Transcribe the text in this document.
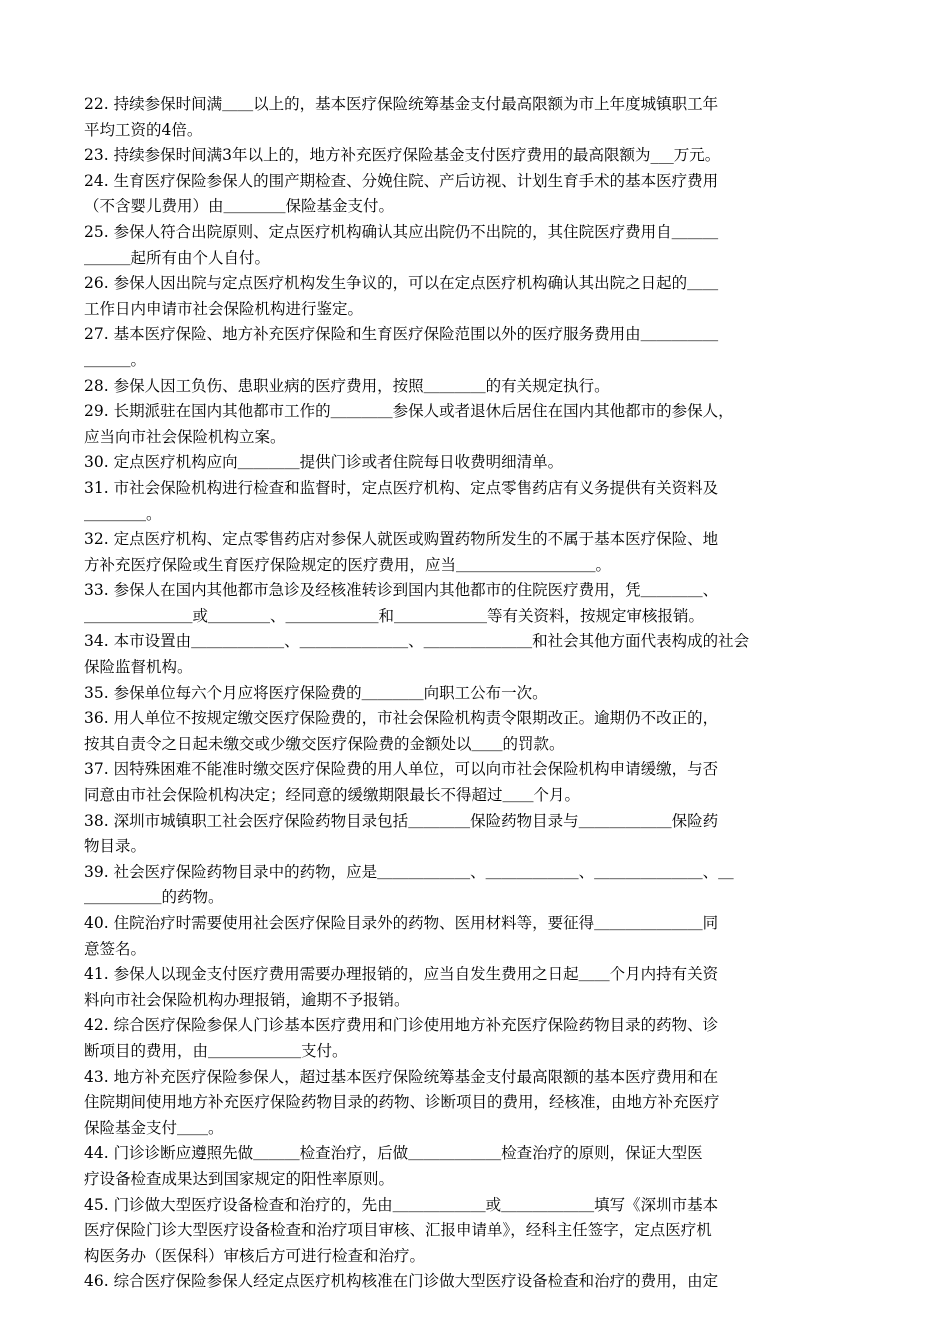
22. 持续参保时间满＿＿以上的，基本医疗保险统筹基金支付最高限额为市上年度城镇职工年
平均工资的4倍。
23. 持续参保时间满3年以上的，地方补充医疗保险基金支付医疗费用的最高限额为___万元。
24. 生育医疗保险参保人的围产期检查、分娩住院、产后访视、计划生育手术的基本医疗费用
（不含婴儿费用）由＿＿＿＿保险基金支付。
25. 参保人符合出院原则、定点医疗机构确认其应出院仍不出院的，其住院医疗费用自＿＿＿
＿＿＿起所有由个人自付。
26. 参保人因出院与定点医疗机构发生争议的，可以在定点医疗机构确认其出院之日起的＿＿
工作日内申请市社会保险机构进行鉴定。
27. 基本医疗保险、地方补充医疗保险和生育医疗保险范围以外的医疗服务费用由＿＿＿＿＿
＿＿＿。
28. 参保人因工负伤、患职业病的医疗费用，按照＿＿＿＿的有关规定执行。
29. 长期派驻在国内其他都市工作的＿＿＿＿参保人或者退休后居住在国内其他都市的参保人，
应当向市社会保险机构立案。
30. 定点医疗机构应向＿＿＿＿提供门诊或者住院每日收费明细清单。
31. 市社会保险机构进行检查和监督时，定点医疗机构、定点零售药店有义务提供有关资料及
＿＿＿＿。
32. 定点医疗机构、定点零售药店对参保人就医或购置药物所发生的不属于基本医疗保险、地
方补充医疗保险或生育医疗保险规定的医疗费用，应当＿＿＿＿＿＿＿＿＿。
33. 参保人在国内其他都市急诊及经核准转诊到国内其他都市的住院医疗费用，凭＿＿＿＿、
＿＿＿＿＿＿＿或＿＿＿＿、＿＿＿＿＿＿和＿＿＿＿＿＿等有关资料，按规定审核报销。
34. 本市设置由＿＿＿＿＿＿、＿＿＿＿＿＿＿、＿＿＿＿＿＿＿和社会其他方面代表构成的社会
保险监督机构。
35. 参保单位每六个月应将医疗保险费的＿＿＿＿向职工公布一次。
36. 用人单位不按规定缴交医疗保险费的，市社会保险机构责令限期改正。逾期仍不改正的，
按其自责令之日起未缴交或少缴交医疗保险费的金额处以＿＿的罚款。
37. 因特殊困难不能准时缴交医疗保险费的用人单位，可以向市社会保险机构申请缓缴，与否
同意由市社会保险机构决定；经同意的缓缴期限最长不得超过＿＿个月。
38. 深圳市城镇职工社会医疗保险药物目录包括＿＿＿＿保险药物目录与＿＿＿＿＿＿保险药
物目录。
39. 社会医疗保险药物目录中的药物，应是＿＿＿＿＿＿、＿＿＿＿＿＿、＿＿＿＿＿＿＿、＿
＿＿＿＿＿的药物。
40. 住院治疗时需要使用社会医疗保险目录外的药物、医用材料等，要征得＿＿＿＿＿＿＿同
意签名。
41. 参保人以现金支付医疗费用需要办理报销的，应当自发生费用之日起＿＿个月内持有关资
料向市社会保险机构办理报销，逾期不予报销。
42. 综合医疗保险参保人门诊基本医疗费用和门诊使用地方补充医疗保险药物目录的药物、诊
断项目的费用，由＿＿＿＿＿＿支付。
43. 地方补充医疗保险参保人，超过基本医疗保险统筹基金支付最高限额的基本医疗费用和在
住院期间使用地方补充医疗保险药物目录的药物、诊断项目的费用，经核准，由地方补充医疗
保险基金支付＿＿。
44. 门诊诊断应遵照先做＿＿＿检查治疗，后做＿＿＿＿＿＿检查治疗的原则，保证大型医
疗设备检查成果达到国家规定的阳性率原则。
45. 门诊做大型医疗设备检查和治疗的，先由＿＿＿＿＿＿或＿＿＿＿＿＿填写《深圳市基本
医疗保险门诊大型医疗设备检查和治疗项目审核、汇报申请单》，经科主任签字，定点医疗机
构医务办（医保科）审核后方可进行检查和治疗。
46. 综合医疗保险参保人经定点医疗机构核准在门诊做大型医疗设备检查和治疗的费用，由定
